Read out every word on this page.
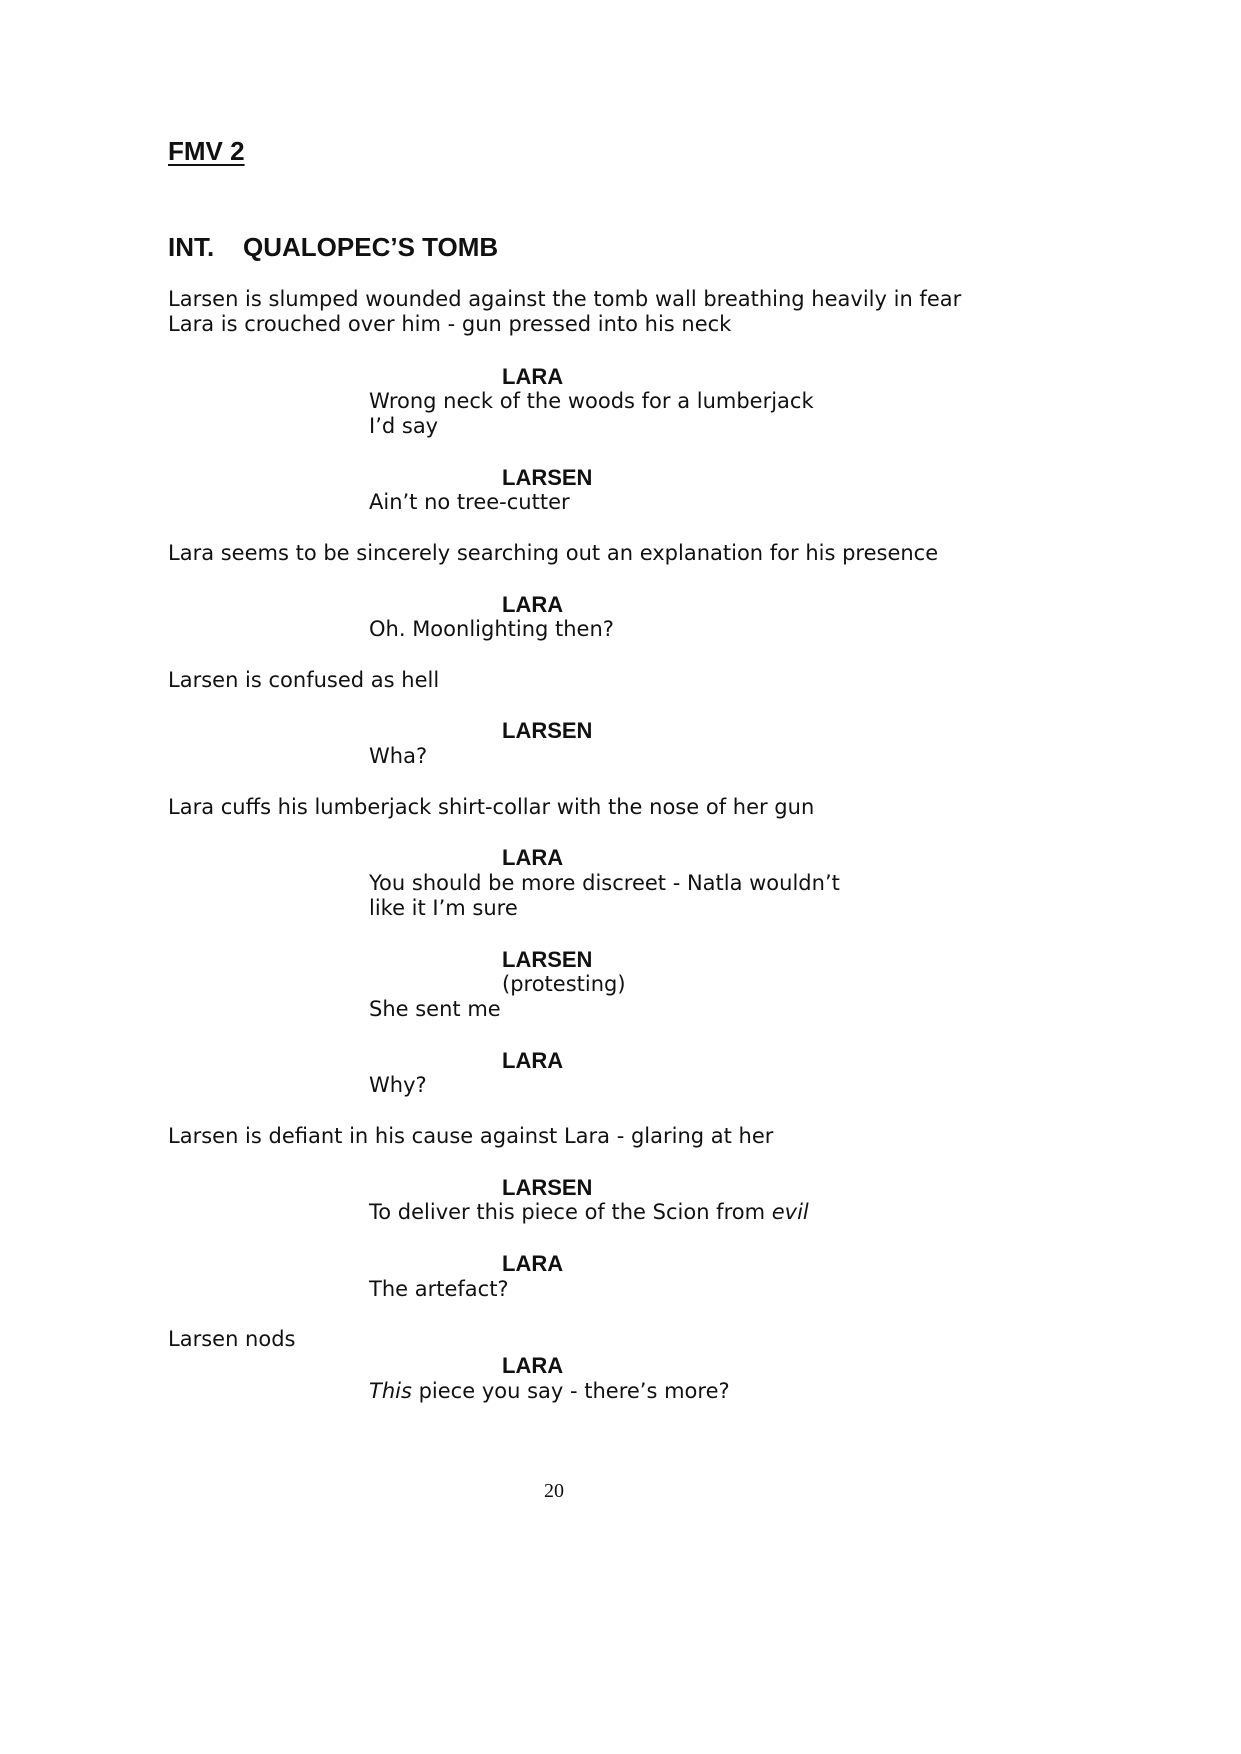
FMV 2
INT. QUALOPEC’S TOMB
Larsen is slumped wounded against the tomb wall breathing heavily in fear
Lara is crouched over him - gun pressed into his neck
LARA
Wrong neck of the woods for a lumberjack
I’d say
LARSEN
Ain’t no tree-cutter
Lara seems to be sincerely searching out an explanation for his presence
LARA
Oh. Moonlighting then?
Larsen is confused as hell
LARSEN
Wha?
Lara cuffs his lumberjack shirt-collar with the nose of her gun
LARA
You should be more discreet - Natla wouldn’t
like it I’m sure
LARSEN
(protesting)
She sent me
LARA
Why?
Larsen is defiant in his cause against Lara - glaring at her
LARSEN
To deliver this piece of the Scion from evil
LARA
The artefact?
Larsen nods
LARA
This piece you say - there’s more?
20
